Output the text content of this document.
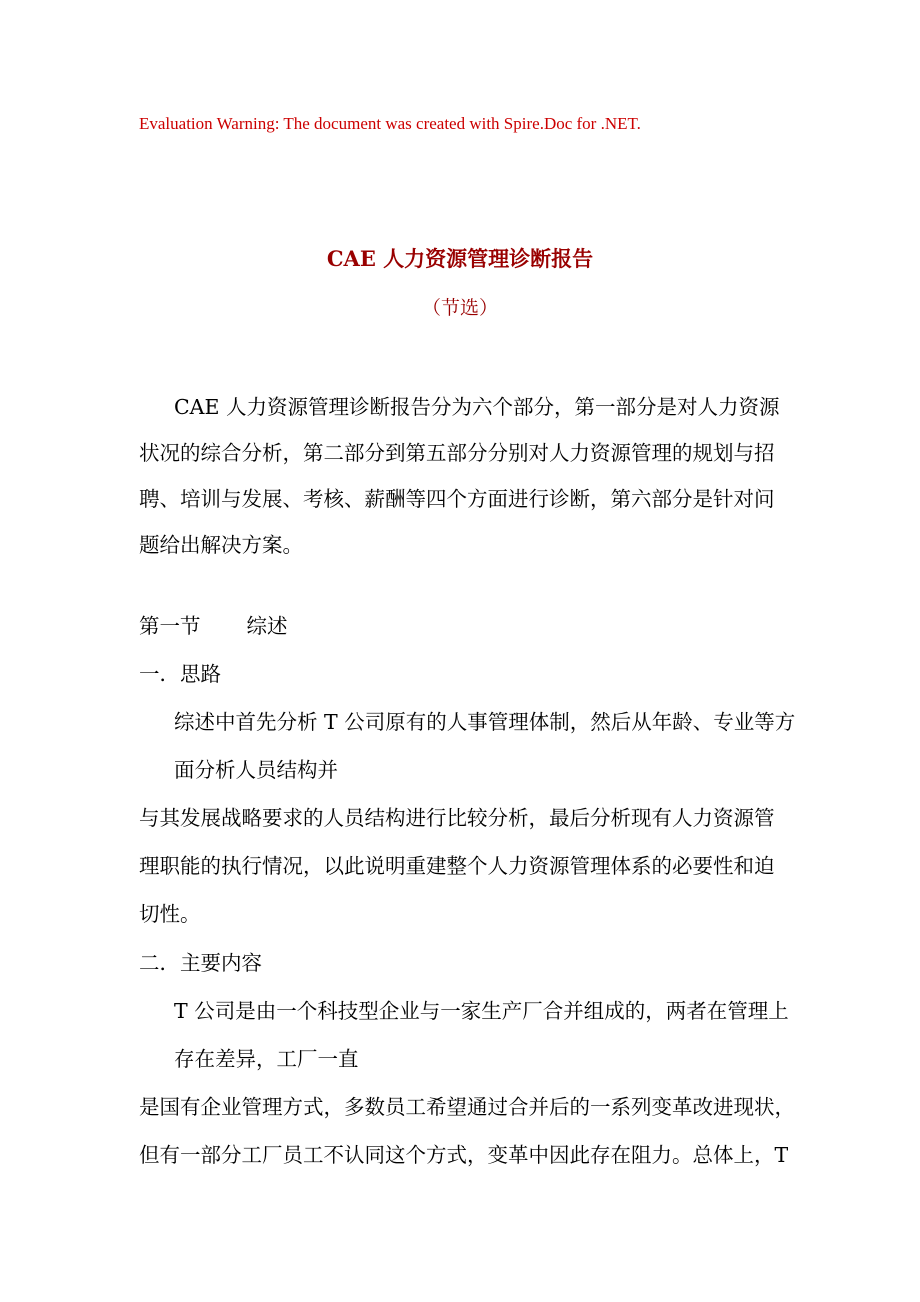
Evaluation Warning: The document was created with Spire.Doc for .NET.
CAE 人力资源管理诊断报告
（节选）
CAE 人力资源管理诊断报告分为六个部分，第一部分是对人力资源
状况的综合分析，第二部分到第五部分分别对人力资源管理的规划与招
聘、培训与发展、考核、薪酬等四个方面进行诊断，第六部分是针对问
题给出解决方案。
第一节 综述
一．思路
综述中首先分析 T 公司原有的人事管理体制，然后从年龄、专业等方
面分析人员结构并
与其发展战略要求的人员结构进行比较分析，最后分析现有人力资源管
理职能的执行情况，以此说明重建整个人力资源管理体系的必要性和迫
切性。
二．主要内容
T 公司是由一个科技型企业与一家生产厂合并组成的，两者在管理上
存在差异，工厂一直
是国有企业管理方式，多数员工希望通过合并后的一系列变革改进现状，
但有一部分工厂员工不认同这个方式，变革中因此存在阻力。总体上，T
